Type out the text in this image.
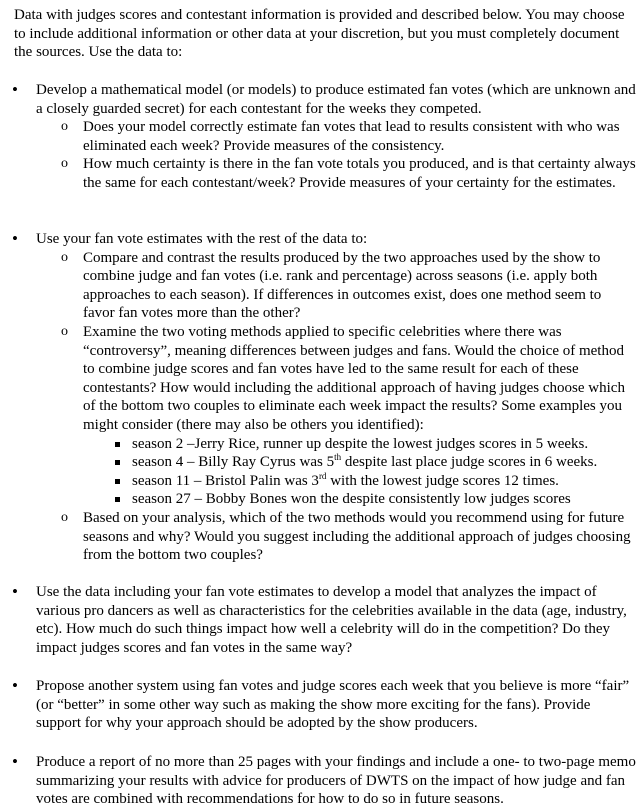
Data with judges scores and contestant information is provided and described below. You may choose to include additional information or other data at your discretion, but you must completely document the sources. Use the data to:

• Develop a mathematical model (or models) to produce estimated fan votes (which are unknown and a closely guarded secret) for each contestant for the weeks they competed.
o Does your model correctly estimate fan votes that lead to results consistent with who was eliminated each week? Provide measures of the consistency.
o How much certainty is there in the fan vote totals you produced, and is that certainty always the same for each contestant/week? Provide measures of your certainty for the estimates.
• Use your fan vote estimates with the rest of the data to:
o Compare and contrast the results produced by the two approaches used by the show to combine judge and fan votes (i.e. rank and percentage) across seasons (i.e. apply both approaches to each season). If differences in outcomes exist, does one method seem to favor fan votes more than the other?
o Examine the two voting methods applied to specific celebrities where there was “controversy”, meaning differences between judges and fans. Would the choice of method to combine judge scores and fan votes have led to the same result for each of these contestants? How would including the additional approach of having judges choose which of the bottom two couples to eliminate each week impact the results? Some examples you might consider (there may also be others you identified):
season 2 –Jerry Rice, runner up despite the lowest judges scores in 5 weeks.
season 4 – Billy Ray Cyrus was 5th despite last place judge scores in 6 weeks.
season 11 – Bristol Palin was 3rd with the lowest judge scores 12 times.
season 27 – Bobby Bones won the despite consistently low judges scores
o Based on your analysis, which of the two methods would you recommend using for future seasons and why? Would you suggest including the additional approach of judges choosing from the bottom two couples?
• Use the data including your fan vote estimates to develop a model that analyzes the impact of various pro dancers as well as characteristics for the celebrities available in the data (age, industry, etc). How much do such things impact how well a celebrity will do in the competition? Do they impact judges scores and fan votes in the same way?
• Propose another system using fan votes and judge scores each week that you believe is more “fair” (or “better” in some other way such as making the show more exciting for the fans). Provide support for why your approach should be adopted by the show producers.
• Produce a report of no more than 25 pages with your findings and include a one- to two-page memo summarizing your results with advice for producers of DWTS on the impact of how judge and fan votes are combined with recommendations for how to do so in future seasons.
